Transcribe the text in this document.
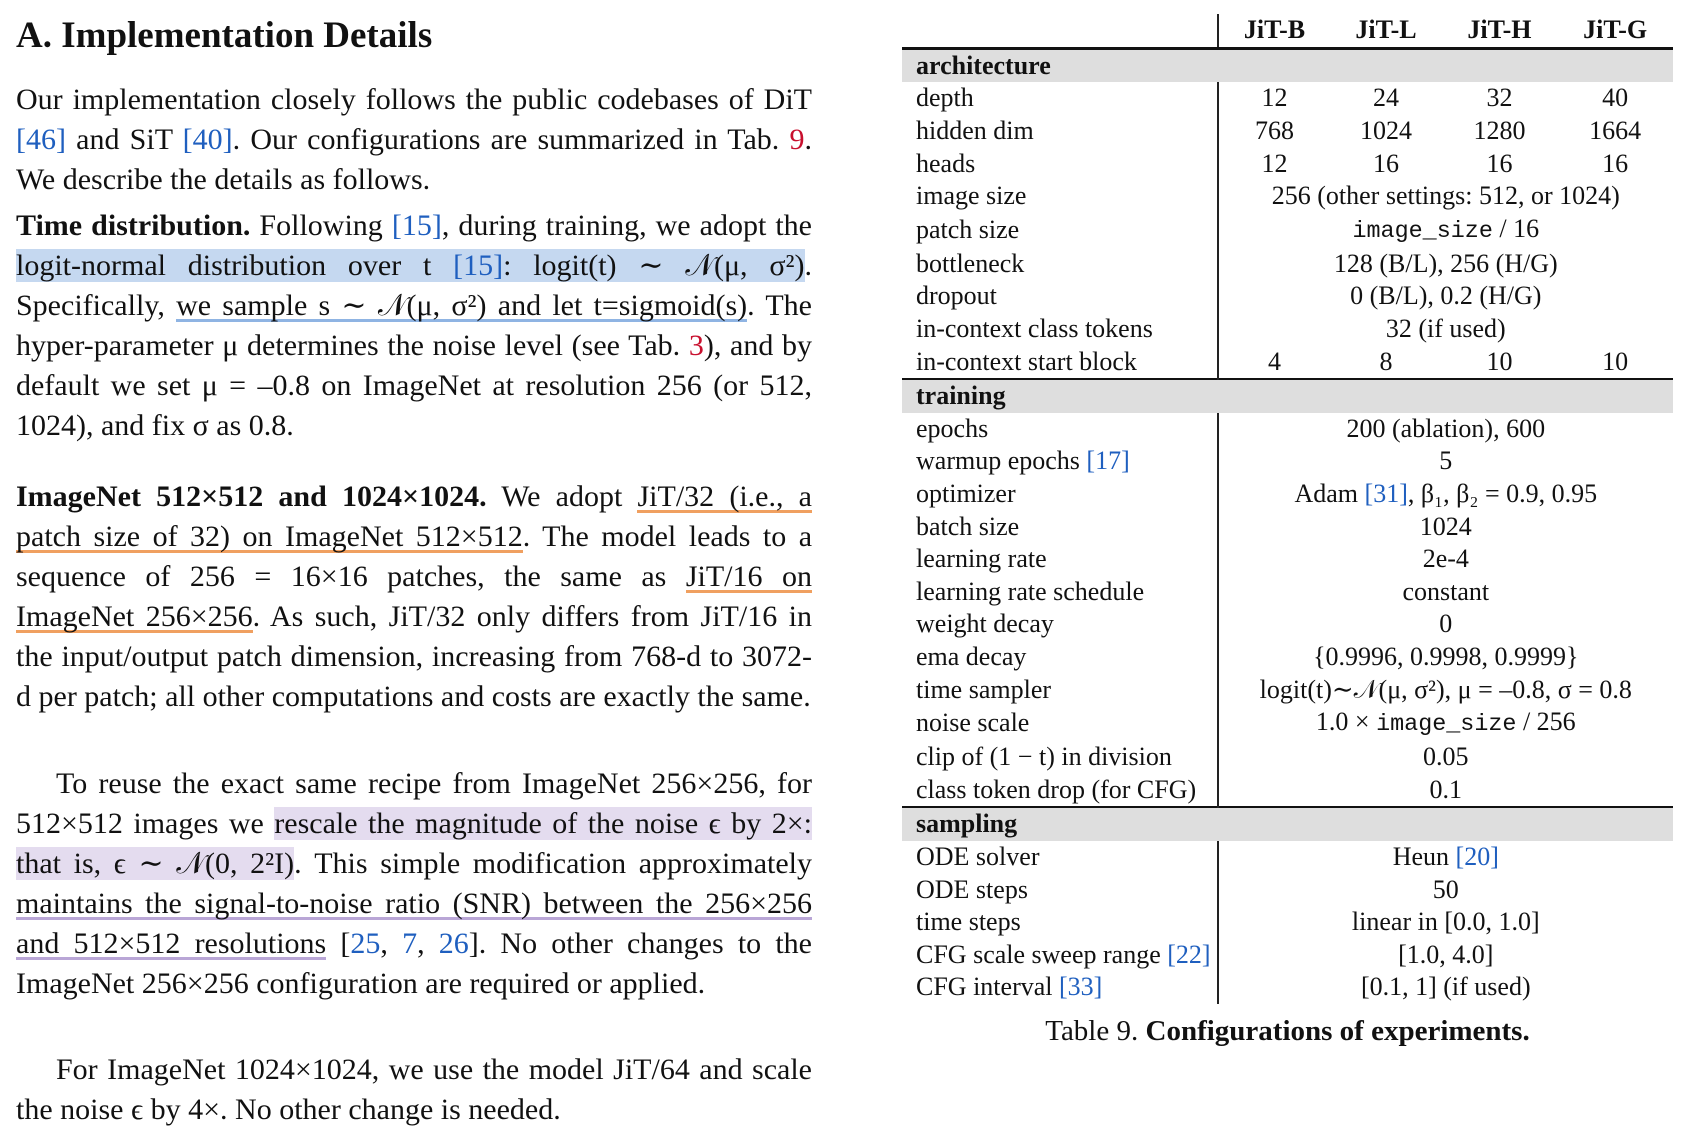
A. Implementation Details

Our implementation closely follows the public codebases of DiT [46] and SiT [40]. Our configurations are summarized in Tab. 9. We describe the details as follows.

Time distribution. Following [15], during training, we adopt the logit-normal distribution over t [15]: logit(t) ∼ 𝒩(μ, σ²). Specifically, we sample s ∼ 𝒩(μ, σ²) and let t=sigmoid(s). The hyper-parameter μ determines the noise level (see Tab. 3), and by default we set μ = –0.8 on ImageNet at resolution 256 (or 512, 1024), and fix σ as 0.8.

ImageNet 512×512 and 1024×1024. We adopt JiT/32 (i.e., a patch size of 32) on ImageNet 512×512. The model leads to a sequence of 256 = 16×16 patches, the same as JiT/16 on ImageNet 256×256. As such, JiT/32 only differs from JiT/16 in the input/output patch dimension, increasing from 768-d to 3072-d per patch; all other computations and costs are exactly the same.

To reuse the exact same recipe from ImageNet 256×256, for 512×512 images we rescale the magnitude of the noise ϵ by 2×: that is, ϵ ∼ 𝒩(0, 2²I). This simple modification approximately maintains the signal-to-noise ratio (SNR) between the 256×256 and 512×512 resolutions [25, 7, 26]. No other changes to the ImageNet 256×256 configuration are required or applied.

For ImageNet 1024×1024, we use the model JiT/64 and scale the noise ϵ by 4×. No other change is needed.

	JiT-B	JiT-L	JiT-H	JiT-G
architecture				
depth	12	24	32	40
hidden dim	768	1024	1280	1664
heads	12	16	16	16
image size	256 (other settings: 512, or 1024)			
patch size	image_size / 16			
bottleneck	128 (B/L), 256 (H/G)			
dropout	0 (B/L), 0.2 (H/G)			
in-context class tokens	32 (if used)			
in-context start block	4	8	10	10
training				
epochs	200 (ablation), 600			
warmup epochs [17]	5			
optimizer	Adam [31], β₁, β₂ = 0.9, 0.95			
batch size	1024			
learning rate	2e-4			
learning rate schedule	constant			
weight decay	0			
ema decay	{0.9996, 0.9998, 0.9999}			
time sampler	logit(t)∼𝒩(μ, σ²), μ = –0.8, σ = 0.8			
noise scale	1.0 × image_size / 256			
clip of (1 − t) in division	0.05			
class token drop (for CFG)	0.1			
sampling				
ODE solver	Heun [20]			
ODE steps	50			
time steps	linear in [0.0, 1.0]			
CFG scale sweep range [22]	[1.0, 4.0]			
CFG interval [33]	[0.1, 1] (if used)			
Table 9. Configurations of experiments.
